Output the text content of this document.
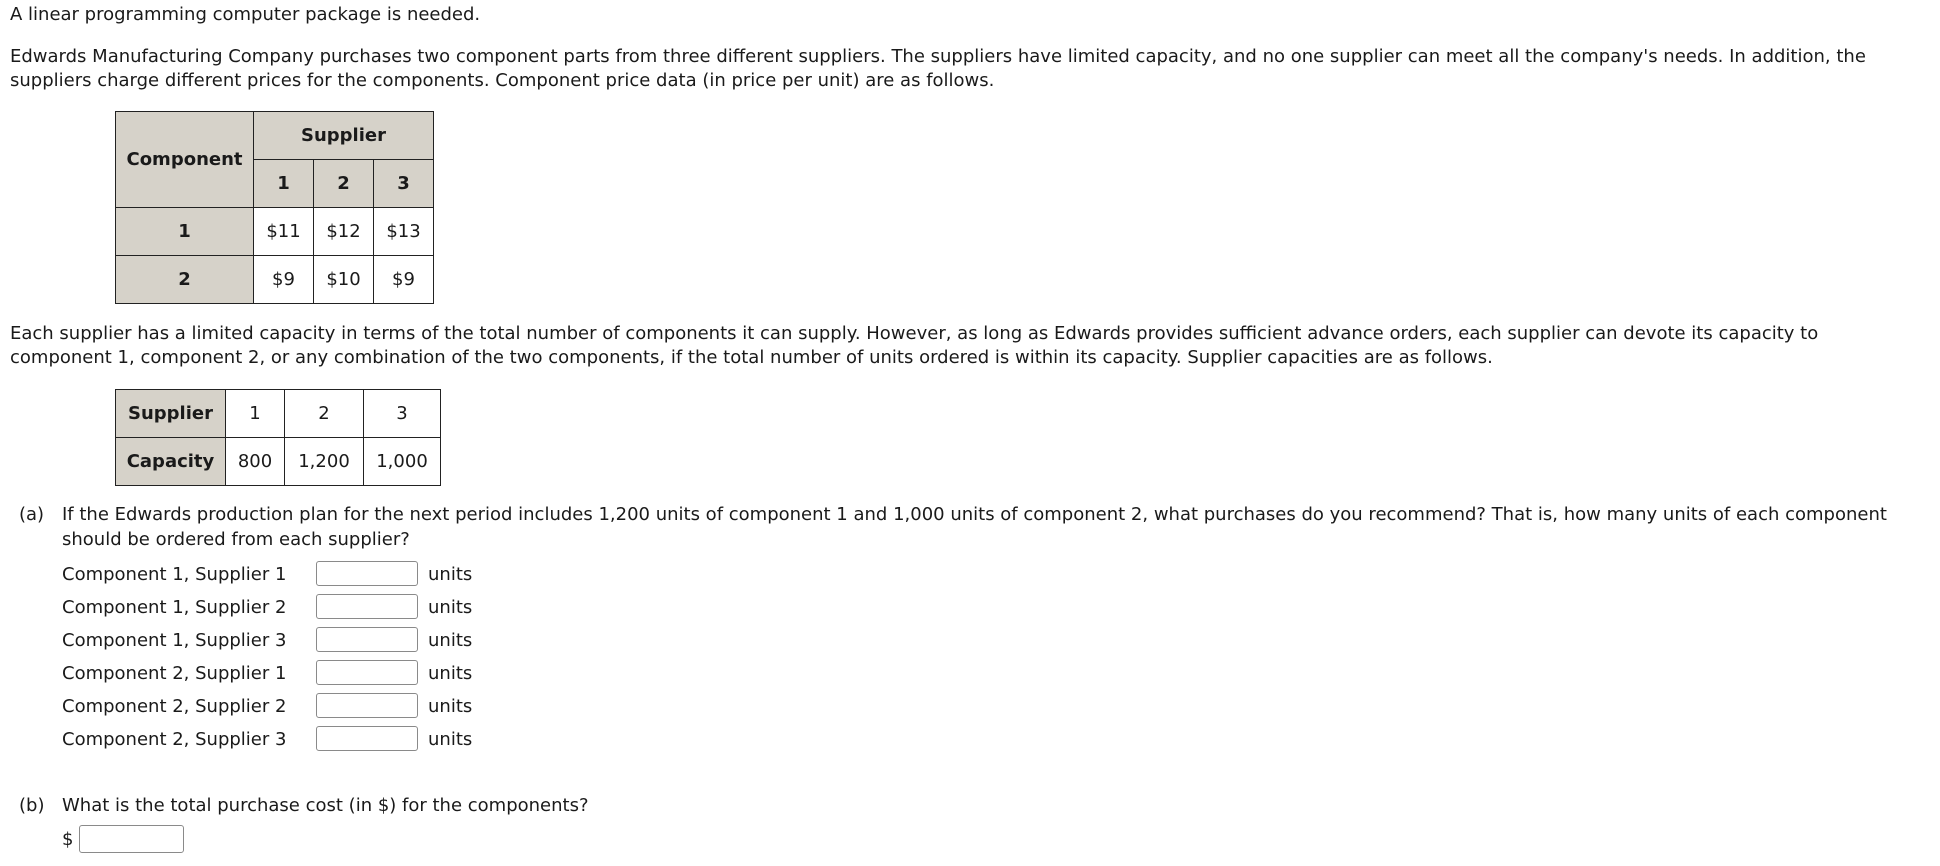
A linear programming computer package is needed.

Edwards Manufacturing Company purchases two component parts from three different suppliers. The suppliers have limited capacity, and no one supplier can meet all the company's needs. In addition, the suppliers charge different prices for the components. Component price data (in price per unit) are as follows.

Component	Supplier		
	1	2	3
1	$11	$12	$13
2	$9	$10	$9

Each supplier has a limited capacity in terms of the total number of components it can supply. However, as long as Edwards provides sufficient advance orders, each supplier can devote its capacity to component 1, component 2, or any combination of the two components, if the total number of units ordered is within its capacity. Supplier capacities are as follows.

Supplier	1	2	3
Capacity	800	1,200	1,000
(a) If the Edwards production plan for the next period includes 1,200 units of component 1 and 1,000 units of component 2, what purchases do you recommend? That is, how many units of each component should be ordered from each supplier?
Component 1, Supplier 1	units
Component 1, Supplier 2	units
Component 1, Supplier 3	units
Component 2, Supplier 1	units
Component 2, Supplier 2	units
Component 2, Supplier 3	units
(b) What is the total purchase cost (in $) for the components?
$
